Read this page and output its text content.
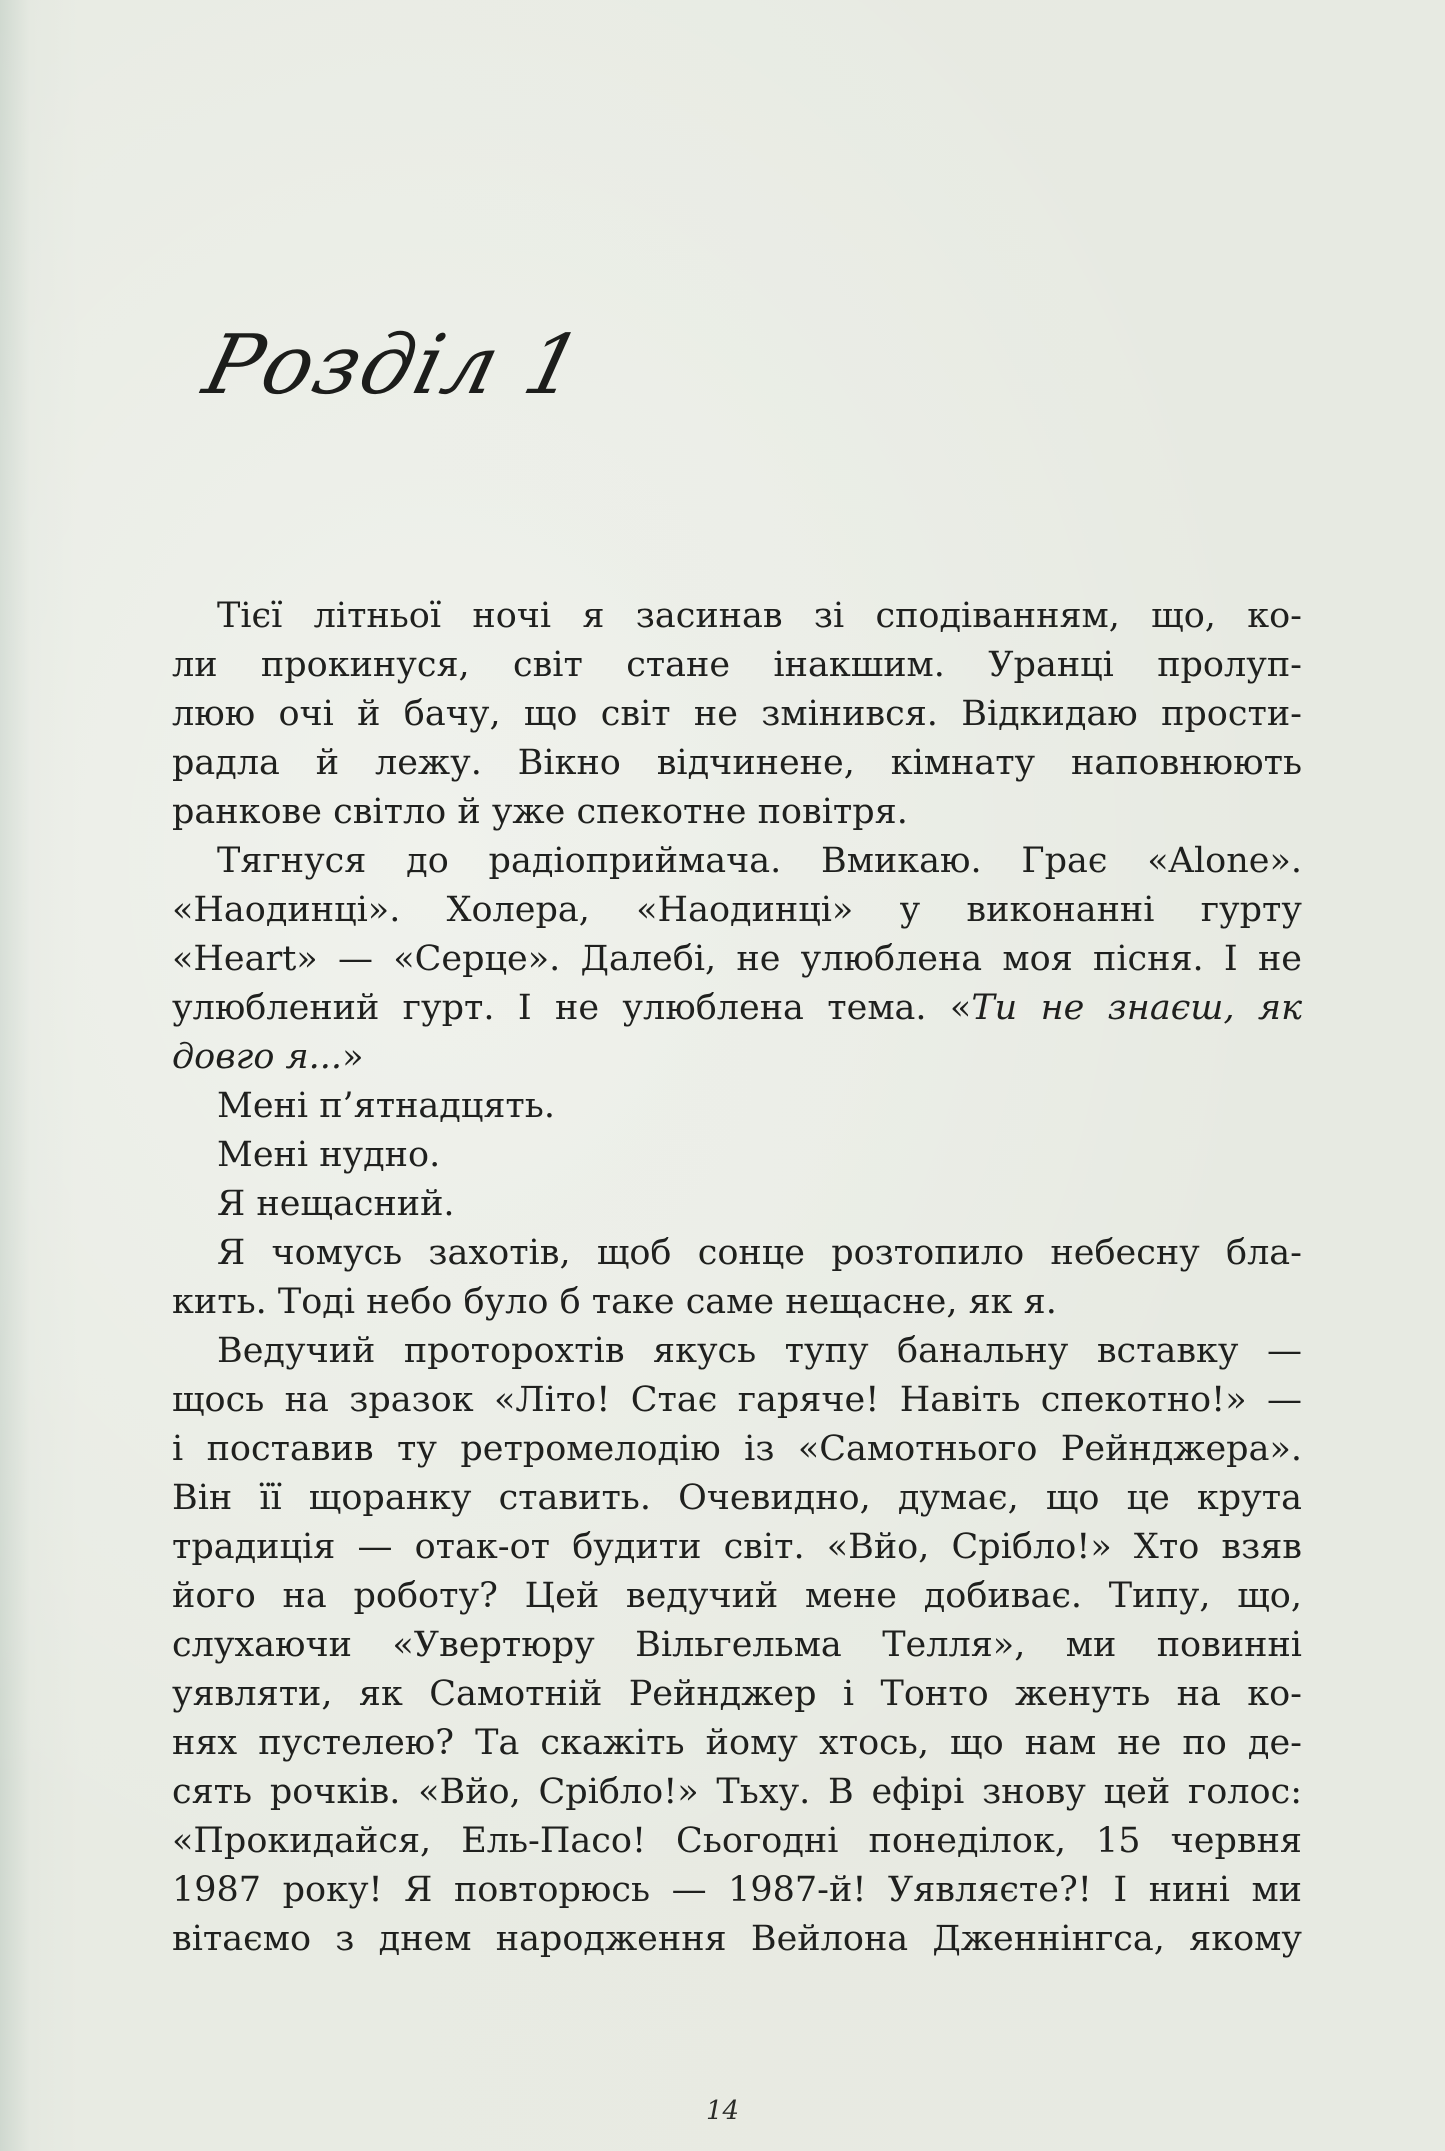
Розділ 1
Тієї літньої ночі я засинав зі сподіванням, що, ко-
ли прокинуся, світ стане інакшим. Уранці пролуп-
люю очі й бачу, що світ не змінився. Відкидаю прости-
радла й лежу. Вікно відчинене, кімнату наповнюють
ранкове світло й уже спекотне повітря.
Тягнуся до радіоприймача. Вмикаю. Грає «Alone».
«Наодинці». Холера, «Наодинці» у виконанні гурту
«Heart» — «Серце». Далебі, не улюблена моя пісня. І не
улюблений гурт. І не улюблена тема. «Ти не знаєш, як
довго я...»
Мені п’ятнадцять.
Мені нудно.
Я нещасний.
Я чомусь захотів, щоб сонце розтопило небесну бла-
кить. Тоді небо було б таке саме нещасне, як я.
Ведучий проторохтів якусь тупу банальну вставку —
щось на зразок «Літо! Стає гаряче! Навіть спекотно!» —
і поставив ту ретромелодію із «Самотнього Рейнджера».
Він її щоранку ставить. Очевидно, думає, що це крута
традиція — отак-от будити світ. «Вйо, Срібло!» Хто взяв
його на роботу? Цей ведучий мене добиває. Типу, що,
слухаючи «Увертюру Вільгельма Телля», ми повинні
уявляти, як Самотній Рейнджер і Тонто женуть на ко-
нях пустелею? Та скажіть йому хтось, що нам не по де-
сять рочків. «Вйо, Срібло!» Тьху. В ефірі знову цей голос:
«Прокидайся, Ель-Пасо! Сьогодні понеділок, 15 червня
1987 року! Я повторюсь — 1987-й! Уявляєте?! І нині ми
вітаємо з днем народження Вейлона Дженнінгса, якому
14
